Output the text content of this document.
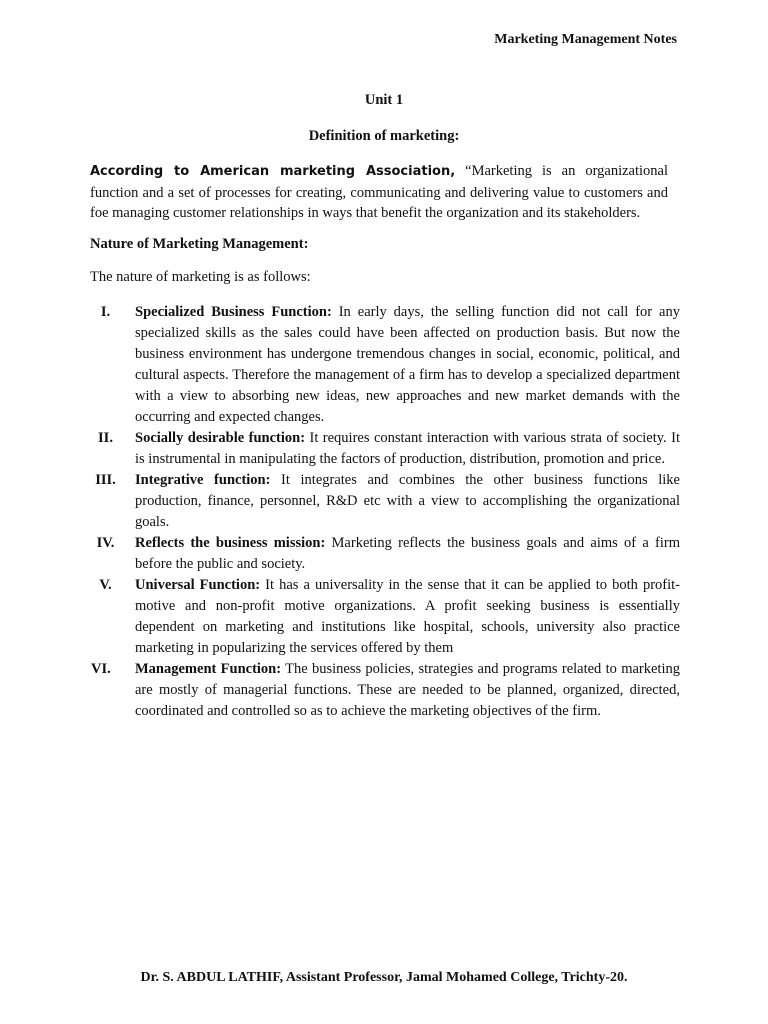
Marketing Management Notes
Unit 1
Definition of marketing:
According to American marketing Association, “Marketing is an organizational function and a set of processes for creating, communicating and delivering value to customers and foe managing customer relationships in ways that benefit the organization and its stakeholders.
Nature of Marketing Management:
The nature of marketing is as follows:
I.	Specialized Business Function: In early days, the selling function did not call for any specialized skills as the sales could have been affected on production basis. But now the business environment has undergone tremendous changes in social, economic, political, and cultural aspects. Therefore the management of a firm has to develop a specialized department with a view to absorbing new ideas, new approaches and new market demands with the occurring and expected changes.
II.	Socially desirable function: It requires constant interaction with various strata of society. It is instrumental in manipulating the factors of production, distribution, promotion and price.
III.	Integrative function: It integrates and combines the other business functions like production, finance, personnel, R&D etc with a view to accomplishing the organizational goals.
IV.	Reflects the business mission: Marketing reflects the business goals and aims of a firm before the public and society.
V.	Universal Function: It has a universality in the sense that it can be applied to both profit-motive and non-profit motive organizations. A profit seeking business is essentially dependent on marketing and institutions like hospital, schools, university also practice marketing in popularizing the services offered by them
VI.	Management Function: The business policies, strategies and programs related to marketing are mostly of managerial functions. These are needed to be planned, organized, directed, coordinated and controlled so as to achieve the marketing objectives of the firm.
Dr. S. ABDUL LATHIF, Assistant Professor, Jamal Mohamed College, Trichty-20.
